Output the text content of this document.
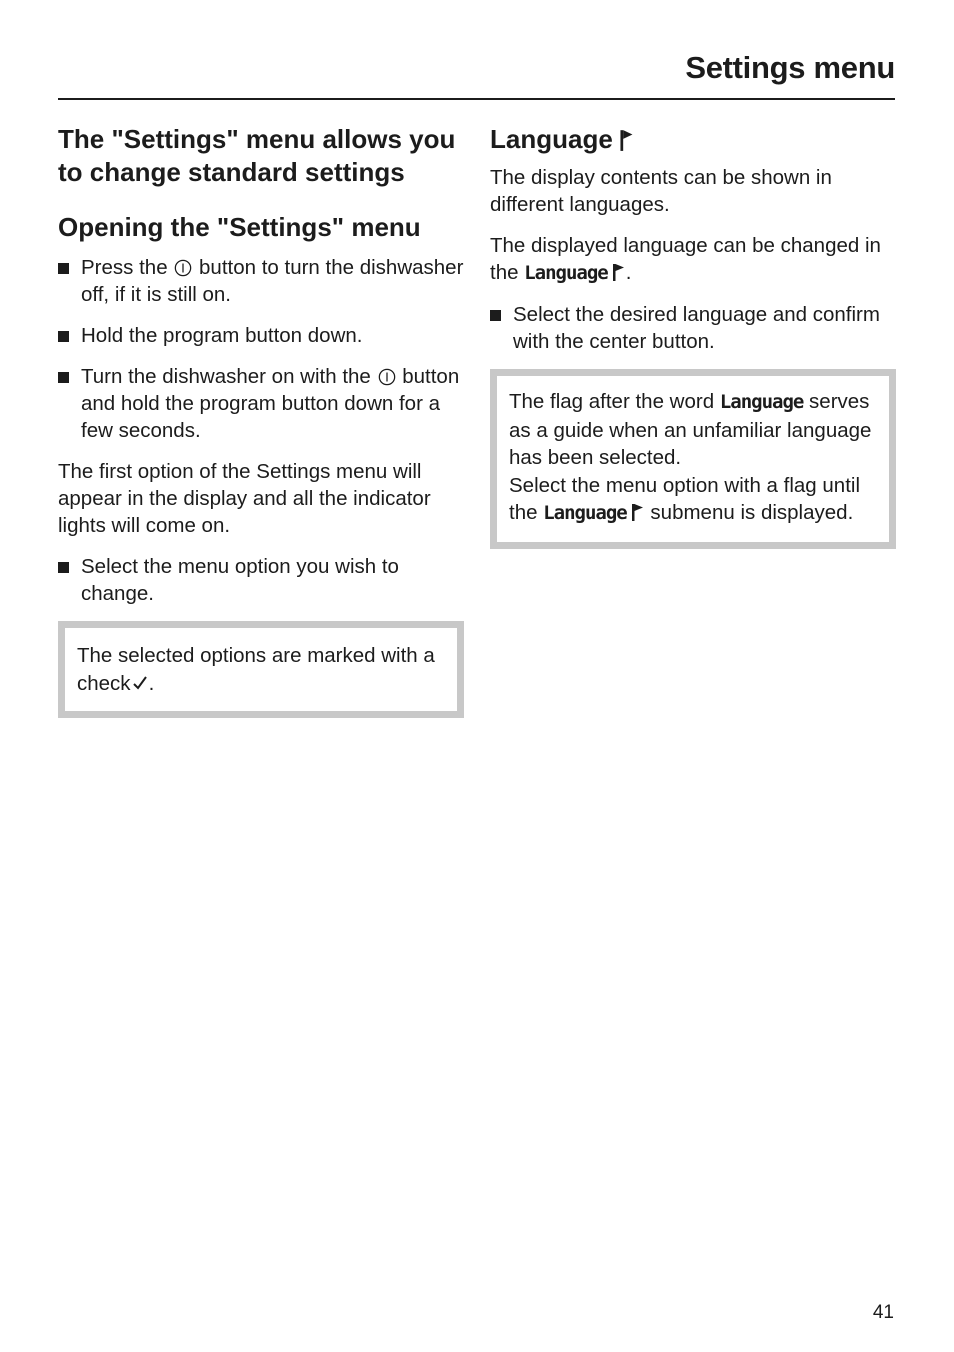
Settings menu
The "Settings" menu allows you to change standard settings
Opening the "Settings" menu
Press the button to turn the dishwasher off, if it is still on.
Hold the program button down.
Turn the dishwasher on with the button and hold the program button down for a few seconds.
The first option of the Settings menu will appear in the display and all the indicator lights will come on.
Select the menu option you wish to change.
The selected options are marked with a check .
Language
The display contents can be shown in different languages.
The displayed language can be changed in the Language .
Select the desired language and confirm with the center button.
The flag after the word Language serves as a guide when an unfamiliar language has been selected.
Select the menu option with a flag until the Language submenu is displayed.
41
